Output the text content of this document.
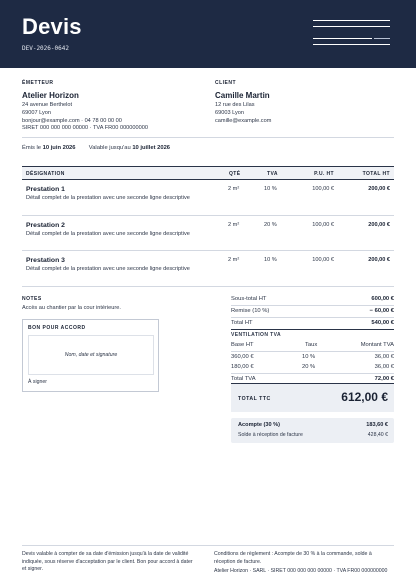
Devis
DEV-2026-0642
ÉMETTEUR
Atelier Horizon
24 avenue Berthelot
69007 Lyon
bonjour@example.com · 04 78 00 00 00
SIRET 000 000 000 00000 · TVA FR00 000000000
CLIENT
Camille Martin
12 rue des Lilas
69003 Lyon
camille@example.com
Émis le 10 juin 2026 Valable jusqu'au 10 juillet 2026
DÉSIGNATION	QTÉ	TVA	P.U. HT	TOTAL HT
Prestation 1
Détail complet de la prestation avec une seconde ligne descriptive
2 m²	10 %	100,00 €	200,00 €
Prestation 2
Détail complet de la prestation avec une seconde ligne descriptive
2 m²	20 %	100,00 €	200,00 €
Prestation 3
Détail complet de la prestation avec une seconde ligne descriptive
2 m²	10 %	100,00 €	200,00 €
NOTES
Accès au chantier par la cour intérieure.
BON POUR ACCORD
Nom, date et signature
À signer
Sous-total HT	600,00 €
Remise (10 %)	− 60,00 €
Total HT	540,00 €
VENTILATION TVA
Base HT	Taux	Montant TVA
360,00 €	10 %	36,00 €
180,00 €	20 %	36,00 €
Total TVA	72,00 €
TOTAL TTC	612,00 €
Acompte (30 %)	183,60 €
Solde à réception de facture	428,40 €
Devis valable à compter de sa date d'émission jusqu'à la date de validité
indiquée, sous réserve d'acceptation par le client. Bon pour accord à dater
et signer.
Conditions de règlement : Acompte de 30 % à la commande, solde à
réception de facture.
Atelier Horizon · SARL · SIRET 000 000 000 00000 · TVA FR00 000000000
